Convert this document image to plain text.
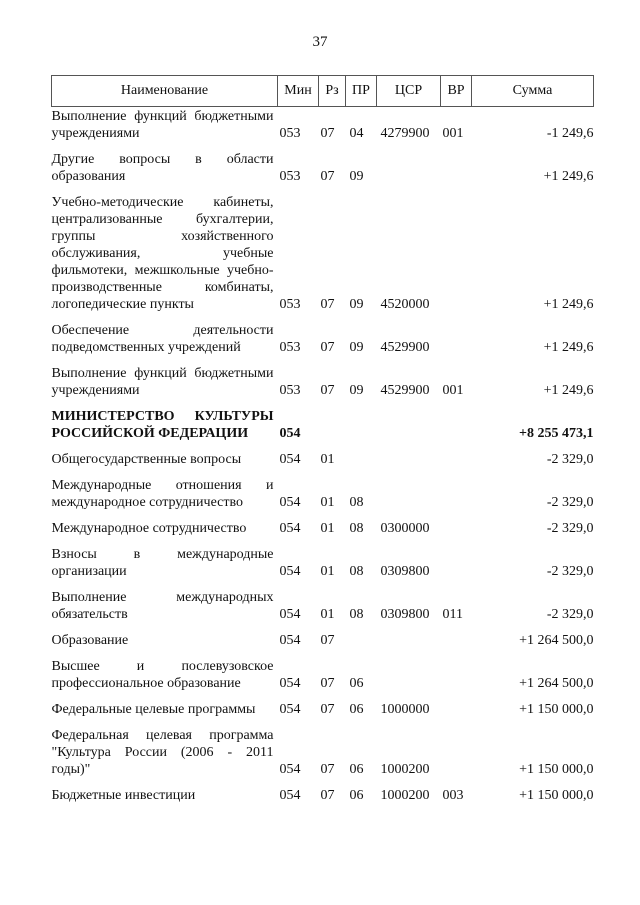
37
Наименование	Мин	Рз	ПР	ЦСР	ВР	Сумма
Выполнение функций бюджетными учреждениями	053	07	04	4279900	001	-1 249,6
Другие вопросы в области образования	053	07	09			+1 249,6
Учебно-методические кабинеты, централизованные бухгалтерии, группы хозяйственного обслуживания, учебные фильмотеки, межшкольные учебно-производственные комбинаты, логопедические пункты	053	07	09	4520000		+1 249,6
Обеспечение деятельности подведомственных учреждений	053	07	09	4529900		+1 249,6
Выполнение функций бюджетными учреждениями	053	07	09	4529900	001	+1 249,6
МИНИСТЕРСТВО КУЛЬТУРЫ РОССИЙСКОЙ ФЕДЕРАЦИИ	054					+8 255 473,1
Общегосударственные вопросы	054	01				-2 329,0
Международные отношения и международное сотрудничество	054	01	08			-2 329,0
Международное сотрудничество	054	01	08	0300000		-2 329,0
Взносы в международные организации	054	01	08	0309800		-2 329,0
Выполнение международных обязательств	054	01	08	0309800	011	-2 329,0
Образование	054	07				+1 264 500,0
Высшее и послевузовское профессиональное образование	054	07	06			+1 264 500,0
Федеральные целевые программы	054	07	06	1000000		+1 150 000,0
Федеральная целевая программа "Культура России (2006 - 2011 годы)"	054	07	06	1000200		+1 150 000,0
Бюджетные инвестиции	054	07	06	1000200	003	+1 150 000,0
